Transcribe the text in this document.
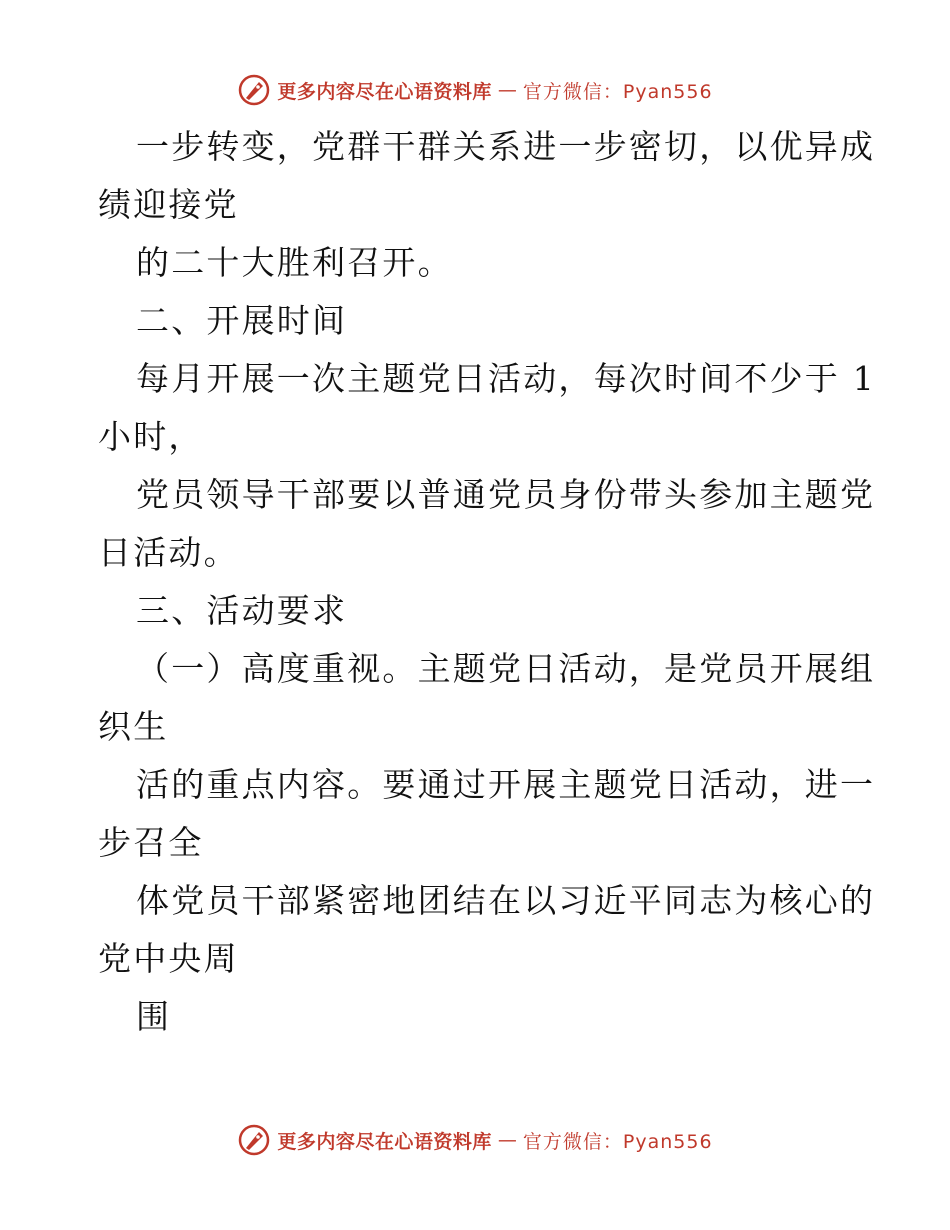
更多内容尽在心语资料库 — 官方微信：Pyan556
一步转变，党群干群关系进一步密切，以优异成
绩迎接党
的二十大胜利召开。
二、开展时间
每月开展一次主题党日活动，每次时间不少于 1
小时，
党员领导干部要以普通党员身份带头参加主题党
日活动。
三、活动要求
（一）高度重视。主题党日活动，是党员开展组
织生
活的重点内容。要通过开展主题党日活动，进一
步召全
体党员干部紧密地团结在以习近平同志为核心的
党中央周
围
更多内容尽在心语资料库 — 官方微信：Pyan556
